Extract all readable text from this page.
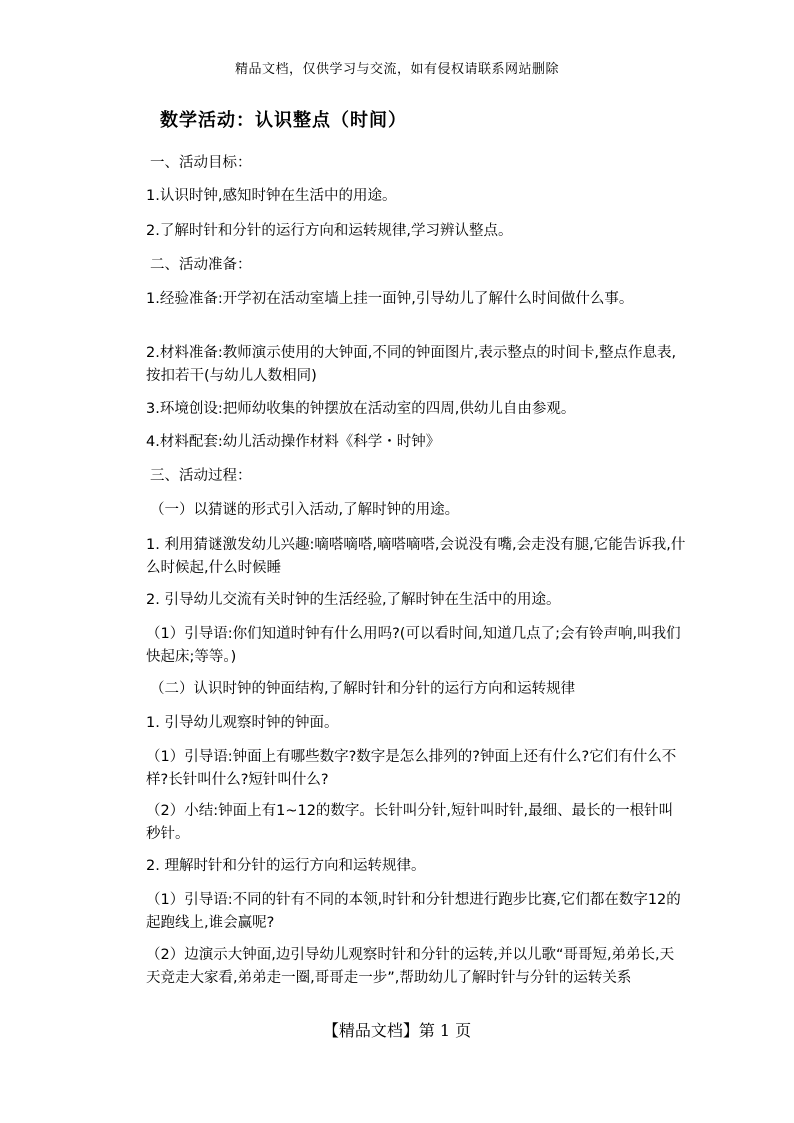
精品文档，仅供学习与交流，如有侵权请联系网站删除
数学活动：认识整点（时间）
一、活动目标：
1.认识时钟,感知时钟在生活中的用途。
2.了解时针和分针的运行方向和运转规律,学习辨认整点。
二、活动准备：
1.经验准备:开学初在活动室墙上挂一面钟,引导幼儿了解什么时间做什么事。
2.材料准备:教师演示使用的大钟面,不同的钟面图片,表示整点的时间卡,整点作息表,按扣若干(与幼儿人数相同)
3.环境创设:把师幼收集的钟摆放在活动室的四周,供幼儿自由参观。
4.材料配套:幼儿活动操作材料《科学・时钟》
三、活动过程：
（一）以猜谜的形式引入活动,了解时钟的用途。
1. 利用猜谜激发幼儿兴趣:嘀嗒嘀嗒,嘀嗒嘀嗒,会说没有嘴,会走没有腿,它能告诉我,什么时候起,什么时候睡
2. 引导幼儿交流有关时钟的生活经验,了解时钟在生活中的用途。
（1）引导语:你们知道时钟有什么用吗?(可以看时间,知道几点了;会有铃声响,叫我们快起床;等等。)
（二）认识时钟的钟面结构,了解时针和分针的运行方向和运转规律
1. 引导幼儿观察时钟的钟面。
（1）引导语:钟面上有哪些数字?数字是怎么排列的?钟面上还有什么?它们有什么不样?长针叫什么?短针叫什么?
（2）小结:钟面上有1~12的数字。长针叫分针,短针叫时针,最细、最长的一根针叫秒针。
2. 理解时针和分针的运行方向和运转规律。
（1）引导语:不同的针有不同的本领,时针和分针想进行跑步比赛,它们都在数字12的起跑线上,谁会赢呢?
（2）边演示大钟面,边引导幼儿观察时针和分针的运转,并以儿歌“哥哥短,弟弟长,天天竞走大家看,弟弟走一圈,哥哥走一步”,帮助幼儿了解时针与分针的运转关系
【精品文档】第 1 页
